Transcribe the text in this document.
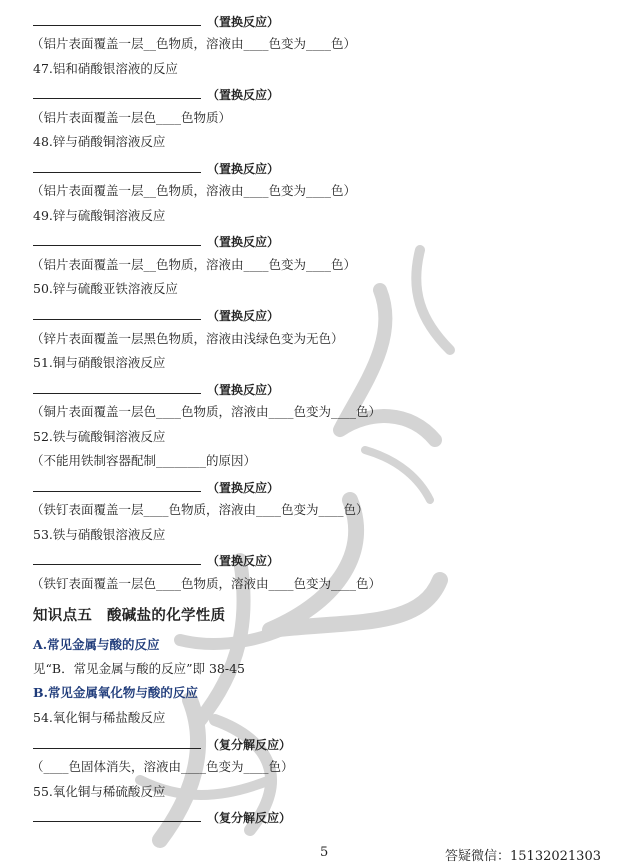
（置换反应）
（铝片表面覆盖一层__色物质，溶液由____色变为____色）
47.铝和硝酸银溶液的反应
（置换反应）
（铝片表面覆盖一层色____色物质）
48.锌与硝酸铜溶液反应
（置换反应）
（铝片表面覆盖一层__色物质，溶液由____色变为____色）
49.锌与硫酸铜溶液反应
（置换反应）
（铝片表面覆盖一层__色物质，溶液由____色变为____色）
50.锌与硫酸亚铁溶液反应
（置换反应）
（锌片表面覆盖一层黑色物质，溶液由浅绿色变为无色）
51.铜与硝酸银溶液反应
（置换反应）
（铜片表面覆盖一层色____色物质，溶液由____色变为____色）
52.铁与硫酸铜溶液反应
（不能用铁制容器配制________的原因）
（置换反应）
（铁钉表面覆盖一层____色物质，溶液由____色变为____色）
53.铁与硝酸银溶液反应
（置换反应）
（铁钉表面覆盖一层色____色物质，溶液由____色变为____色）
知识点五　酸碱盐的化学性质
A.常见金属与酸的反应
见“B．常见金属与酸的反应”即 38-45
B.常见金属氧化物与酸的反应
54.氧化铜与稀盐酸反应
（复分解反应）
（____色固体消失，溶液由____色变为____色）
55.氧化铜与稀硫酸反应
（复分解反应）
5	答疑微信：15132021303
